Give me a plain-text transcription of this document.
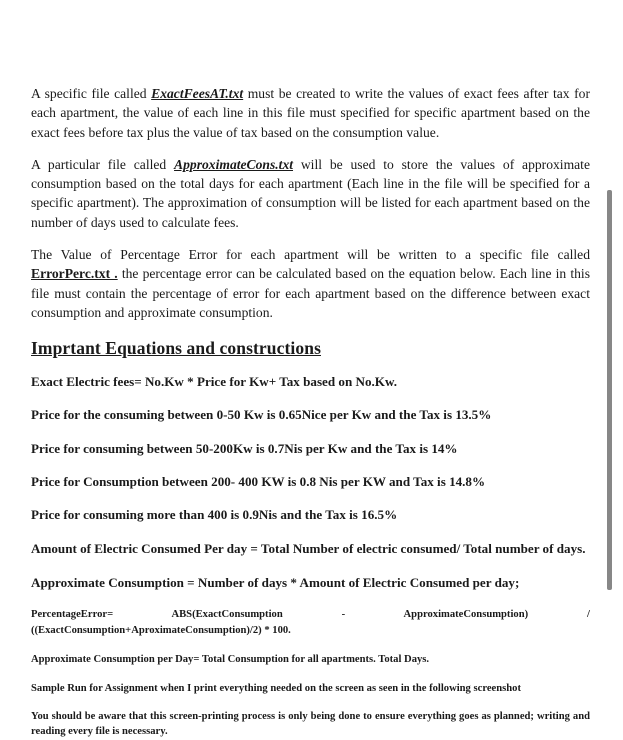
A specific file called ExactFeesAT.txt must be created to write the values of exact fees after tax for each apartment, the value of each line in this file must specified for specific apartment based on the exact fees before tax plus the value of tax based on the consumption value.

A particular file called ApproximateCons.txt will be used to store the values of approximate consumption based on the total days for each apartment (Each line in the file will be specified for a specific apartment). The approximation of consumption will be listed for each apartment based on the number of days used to calculate fees.

The Value of Percentage Error for each apartment will be written to a specific file called ErrorPerc.txt . the percentage error can be calculated based on the equation below. Each line in this file must contain the percentage of error for each apartment based on the difference between exact consumption and approximate consumption.

Imprtant Equations and constructions

Exact Electric fees= No.Kw * Price for Kw+ Tax based on No.Kw.

Price for the consuming between 0-50 Kw is 0.65Nice per Kw and the Tax is 13.5%

Price for consuming between 50-200Kw is 0.7Nis per Kw and the Tax is 14%

Price for Consumption between 200- 400 KW is 0.8 Nis per KW and Tax is 14.8%

Price for consuming more than 400 is 0.9Nis and the Tax is 16.5%

Amount of Electric Consumed Per day = Total Number of electric consumed/ Total number of days.

Approximate Consumption = Number of days * Amount of Electric Consumed per day;

PercentageError= ABS(ExactConsumption - ApproximateConsumption) /
((ExactConsumption+AproximateConsumption)/2) * 100.

Approximate Consumption per Day= Total Consumption for all apartments. Total Days.

Sample Run for Assignment when I print everything needed on the screen as seen in the following screenshot

You should be aware that this screen-printing process is only being done to ensure everything goes as planned; writing and reading every file is necessary.
